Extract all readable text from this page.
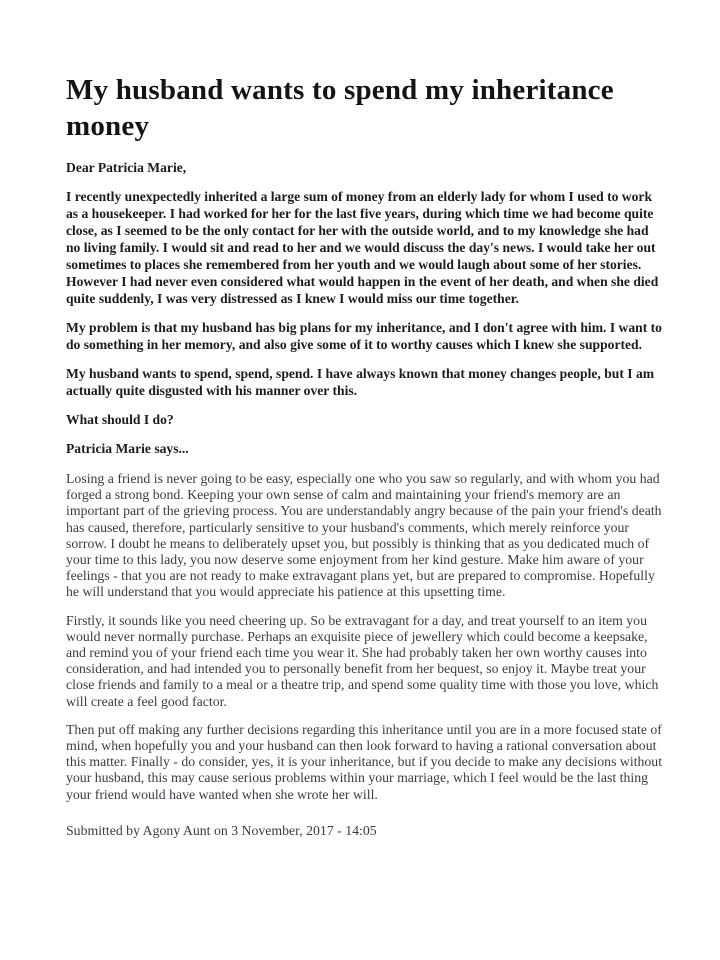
My husband wants to spend my inheritance money

Dear Patricia Marie,

I recently unexpectedly inherited a large sum of money from an elderly lady for whom I used to work as a housekeeper. I had worked for her for the last five years, during which time we had become quite close, as I seemed to be the only contact for her with the outside world, and to my knowledge she had no living family. I would sit and read to her and we would discuss the day's news. I would take her out sometimes to places she remembered from her youth and we would laugh about some of her stories. However I had never even considered what would happen in the event of her death, and when she died quite suddenly, I was very distressed as I knew I would miss our time together.

My problem is that my husband has big plans for my inheritance, and I don't agree with him. I want to do something in her memory, and also give some of it to worthy causes which I knew she supported.

My husband wants to spend, spend, spend. I have always known that money changes people, but I am actually quite disgusted with his manner over this.

What should I do?

Patricia Marie says...

Losing a friend is never going to be easy, especially one who you saw so regularly, and with whom you had forged a strong bond. Keeping your own sense of calm and maintaining your friend's memory are an important part of the grieving process. You are understandably angry because of the pain your friend's death has caused, therefore, particularly sensitive to your husband's comments, which merely reinforce your sorrow. I doubt he means to deliberately upset you, but possibly is thinking that as you dedicated much of your time to this lady, you now deserve some enjoyment from her kind gesture. Make him aware of your feelings - that you are not ready to make extravagant plans yet, but are prepared to compromise. Hopefully he will understand that you would appreciate his patience at this upsetting time.

Firstly, it sounds like you need cheering up. So be extravagant for a day, and treat yourself to an item you would never normally purchase. Perhaps an exquisite piece of jewellery which could become a keepsake, and remind you of your friend each time you wear it. She had probably taken her own worthy causes into consideration, and had intended you to personally benefit from her bequest, so enjoy it. Maybe treat your close friends and family to a meal or a theatre trip, and spend some quality time with those you love, which will create a feel good factor.

Then put off making any further decisions regarding this inheritance until you are in a more focused state of mind, when hopefully you and your husband can then look forward to having a rational conversation about this matter. Finally - do consider, yes, it is your inheritance, but if you decide to make any decisions without your husband, this may cause serious problems within your marriage, which I feel would be the last thing your friend would have wanted when she wrote her will.

Submitted by Agony Aunt on 3 November, 2017 - 14:05
